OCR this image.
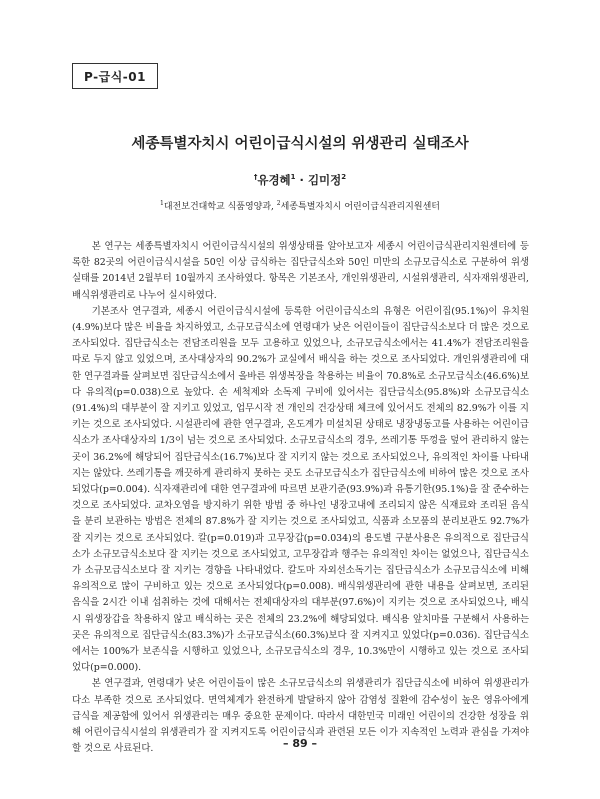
P-급식-01
세종특별자치시 어린이급식시설의 위생관리 실태조사
†유경혜$^1$ · 김미정$^2$
$^1$대전보건대학교 식품영양과, $^2$세종특별자치시 어린이급식관리지원센터

본 연구는 세종특별자치시 어린이급식시설의 위생상태를 알아보고자 세종시 어린이급식관리지원센터에 등록한 82곳의 어린이급식시설을 50인 이상 급식하는 집단급식소와 50인 미만의 소규모급식소로 구분하여 위생실태를 2014년 2월부터 10월까지 조사하였다. 항목은 기본조사, 개인위생관리, 시설위생관리, 식자재위생관리, 배식위생관리로 나누어 실시하였다.

기본조사 연구결과, 세종시 어린이급식시설에 등록한 어린이급식소의 유형은 어린이집(95.1%)이 유치원(4.9%)보다 많은 비율을 차지하였고, 소규모급식소에 연령대가 낮은 어린이들이 집단급식소보다 더 많은 것으로 조사되었다. 집단급식소는 전담조리원을 모두 고용하고 있었으나, 소규모급식소에서는 41.4%가 전담조리원을 따로 두지 않고 있었으며, 조사대상자의 90.2%가 교실에서 배식을 하는 것으로 조사되었다. 개인위생관리에 대한 연구결과를 살펴보면 집단급식소에서 올바른 위생복장을 착용하는 비율이 70.8%로 소규모급식소(46.6%)보다 유의적(p=0.038)으로 높았다. 손 세척제와 소독제 구비에 있어서는 집단급식소(95.8%)와 소규모급식소(91.4%)의 대부분이 잘 지키고 있었고, 업무시작 전 개인의 건강상태 체크에 있어서도 전체의 82.9%가 이를 지키는 것으로 조사되었다. 시설관리에 관한 연구결과, 온도계가 미설치된 상태로 냉장냉동고를 사용하는 어린이급식소가 조사대상자의 1/3이 넘는 것으로 조사되었다. 소규모급식소의 경우, 쓰레기통 뚜껑을 덮어 관리하지 않는 곳이 36.2%에 해당되어 집단급식소(16.7%)보다 잘 지키지 않는 것으로 조사되었으나, 유의적인 차이를 나타내지는 않았다. 쓰레기통을 깨끗하게 관리하지 못하는 곳도 소규모급식소가 집단급식소에 비하여 많은 것으로 조사되었다(p=0.004). 식자재관리에 대한 연구결과에 따르면 보관기준(93.9%)과 유통기한(95.1%)을 잘 준수하는 것으로 조사되었다. 교차오염을 방지하기 위한 방법 중 하나인 냉장고내에 조리되지 않은 식재료와 조리된 음식을 분리 보관하는 방법은 전체의 87.8%가 잘 지키는 것으로 조사되었고, 식품과 소모품의 분리보관도 92.7%가 잘 지키는 것으로 조사되었다. 칼(p=0.019)과 고무장갑(p=0.034)의 용도별 구분사용은 유의적으로 집단급식소가 소규모급식소보다 잘 지키는 것으로 조사되었고, 고무장갑과 행주는 유의적인 차이는 없었으나, 집단급식소가 소규모급식소보다 잘 지키는 경향을 나타내었다. 칼도마 자외선소독기는 집단급식소가 소규모급식소에 비해 유의적으로 많이 구비하고 있는 것으로 조사되었다(p=0.008). 배식위생관리에 관한 내용을 살펴보면, 조리된 음식을 2시간 이내 섭취하는 것에 대해서는 전체대상자의 대부분(97.6%)이 지키는 것으로 조사되었으나, 배식 시 위생장갑을 착용하지 않고 배식하는 곳은 전체의 23.2%에 해당되었다. 배식용 앞치마를 구분해서 사용하는 곳은 유의적으로 집단급식소(83.3%)가 소규모급식소(60.3%)보다 잘 지켜지고 있었다(p=0.036). 집단급식소에서는 100%가 보존식을 시행하고 있었으나, 소규모급식소의 경우, 10.3%만이 시행하고 있는 것으로 조사되었다(p=0.000).

본 연구결과, 연령대가 낮은 어린이들이 많은 소규모급식소의 위생관리가 집단급식소에 비하여 위생관리가 다소 부족한 것으로 조사되었다. 면역체계가 완전하게 발달하지 않아 감염성 질환에 감수성이 높은 영유아에게 급식을 제공함에 있어서 위생관리는 매우 중요한 문제이다. 따라서 대한민국 미래인 어린이의 건강한 성장을 위해 어린이급식시설의 위생관리가 잘 지켜지도록 어린이급식과 관련된 모든 이가 지속적인 노력과 관심을 가져야 할 것으로 사료된다.	– 89 –
